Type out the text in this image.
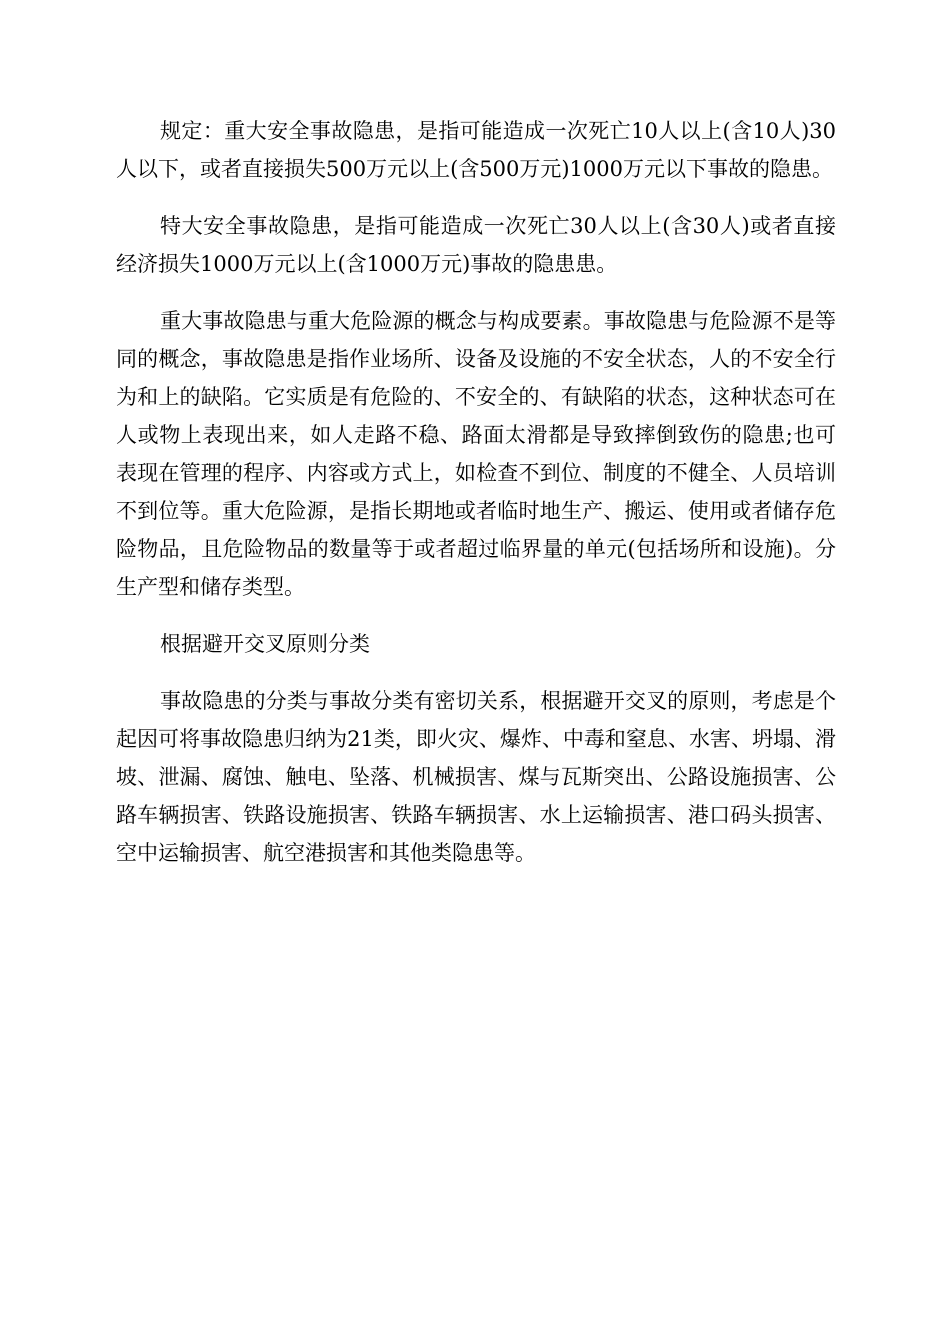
规定：重大安全事故隐患，是指可能造成一次死亡10人以上(含10人)30人以下，或者直接损失500万元以上(含500万元)1000万元以下事故的隐患。

特大安全事故隐患，是指可能造成一次死亡30人以上(含30人)或者直接经济损失1000万元以上(含1000万元)事故的隐患患。

重大事故隐患与重大危险源的概念与构成要素。事故隐患与危险源不是等同的概念，事故隐患是指作业场所、设备及设施的不安全状态，人的不安全行为和上的缺陷。它实质是有危险的、不安全的、有缺陷的状态，这种状态可在人或物上表现出来，如人走路不稳、路面太滑都是导致摔倒致伤的隐患;也可表现在管理的程序、内容或方式上，如检查不到位、制度的不健全、人员培训不到位等。重大危险源，是指长期地或者临时地生产、搬运、使用或者储存危险物品，且危险物品的数量等于或者超过临界量的单元(包括场所和设施)。分生产型和储存类型。

根据避开交叉原则分类

事故隐患的分类与事故分类有密切关系，根据避开交叉的原则，考虑是个起因可将事故隐患归纳为21类，即火灾、爆炸、中毒和窒息、水害、坍塌、滑坡、泄漏、腐蚀、触电、坠落、机械损害、煤与瓦斯突出、公路设施损害、公路车辆损害、铁路设施损害、铁路车辆损害、水上运输损害、港口码头损害、空中运输损害、航空港损害和其他类隐患等。
